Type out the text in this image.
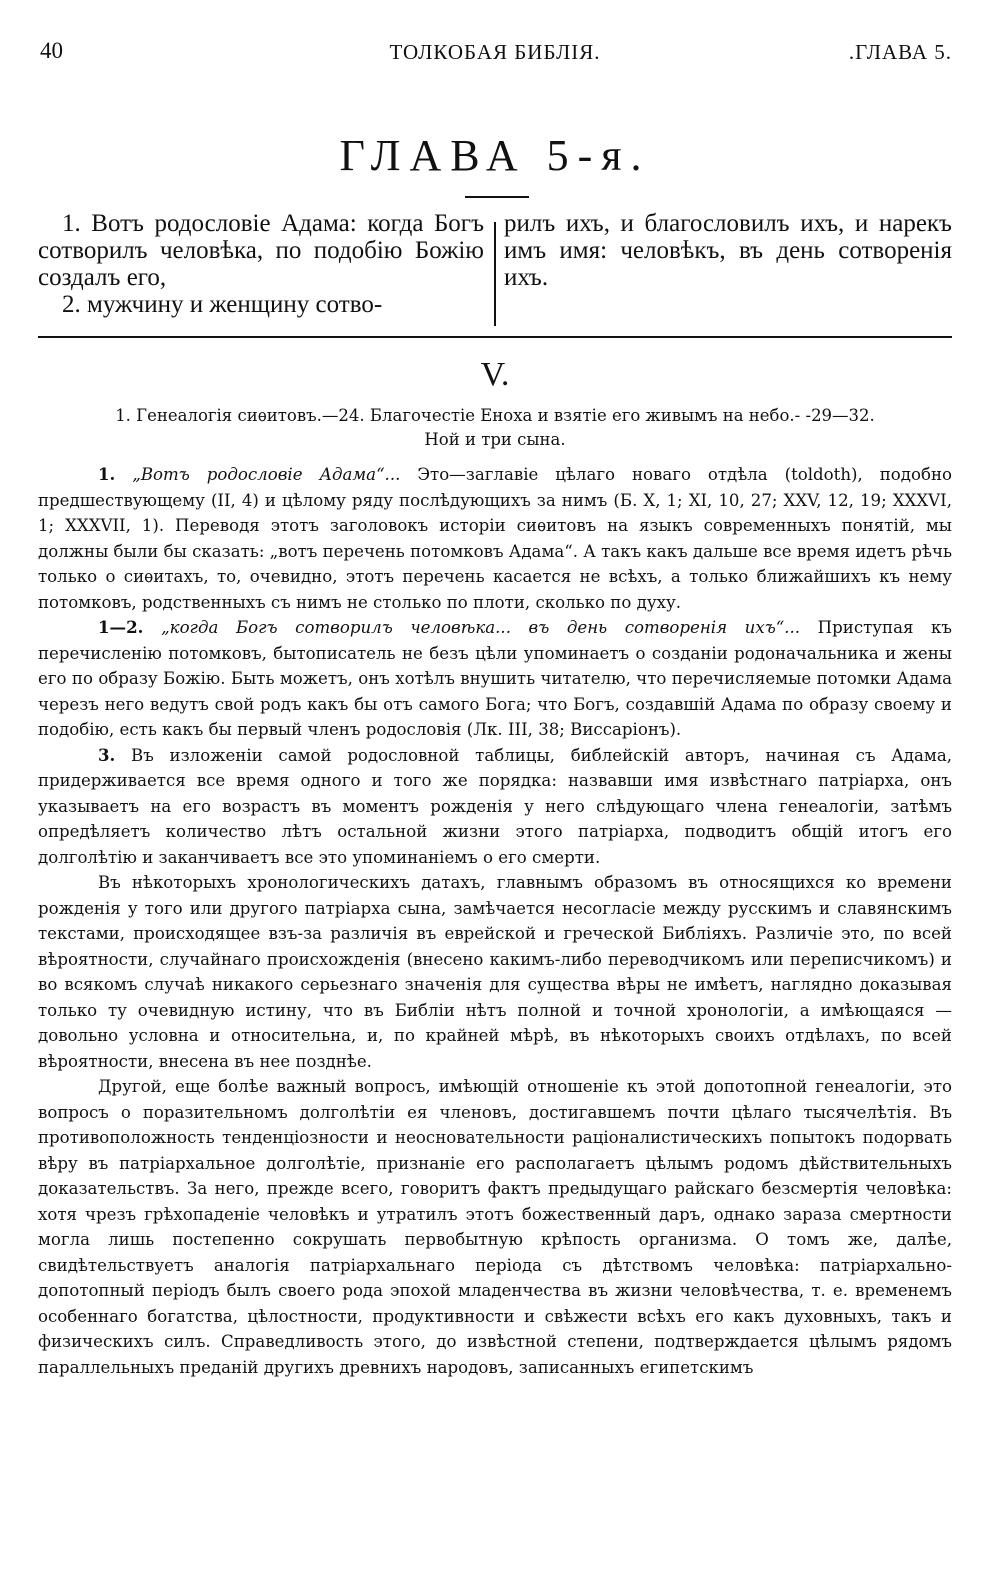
40	ТОЛКОБАЯ БИБЛІЯ.	.ГЛАВА 5.
ГЛАВА 5-я.

1. Вотъ родословіе Адама: когда Богъ сотворилъ человѣка, по подобію Божію создалъ его,

2. мужчину и женщину сотво-

рилъ ихъ, и благословилъ ихъ, и нарекъ имъ имя: человѣкъ, въ день сотворенія ихъ.

V.

1. Генеалогія сиѳитовъ.—24. Благочестіе Еноха и взятіе его живымъ на небо.- -29—32.

Ной и три сына.

1. „Вотъ родословіе Адама“... Это—заглавіе цѣлаго новаго отдѣла (toldoth), подобно предшествующему (II, 4) и цѣлому ряду послѣдующихъ за нимъ (Б. X, 1; XI, 10, 27; XXV, 12, 19; XXXVI, 1; XXXVII, 1). Переводя этотъ заголовокъ исторіи сиѳитовъ на языкъ современныхъ понятій, мы должны были бы сказать: „вотъ перечень потомковъ Адама“. А такъ какъ дальше все время идетъ рѣчь только о сиѳитахъ, то, очевидно, этотъ перечень касается не всѣхъ, а только ближайшихъ къ нему потомковъ, родственныхъ съ нимъ не столько по плоти, сколько по духу.

1—2. „когда Богъ сотворилъ человѣка... въ день сотворенія ихъ“... Приступая къ перечисленію потомковъ, бытописатель не безъ цѣли упоминаетъ о созданіи родоначальника и жены его по образу Божію. Быть можетъ, онъ хотѣлъ внушить читателю, что перечисляемые потомки Адама черезъ него ведутъ свой родъ какъ бы отъ самого Бога; что Богъ, создавшій Адама по образу своему и подобію, есть какъ бы первый членъ родословія (Лк. III, 38; Виссаріонъ).

3. Въ изложеніи самой родословной таблицы, библейскій авторъ, начиная съ Адама, придерживается все время одного и того же порядка: назвавши имя извѣстнаго патріарха, онъ указываетъ на его возрастъ въ моментъ рожденія у него слѣдующаго члена генеалогіи, затѣмъ опредѣляетъ количество лѣтъ остальной жизни этого патріарха, подводитъ общій итогъ его долголѣтію и заканчиваетъ все это упоминаніемъ о его смерти.

Въ нѣкоторыхъ хронологическихъ датахъ, главнымъ образомъ въ относящихся ко времени рожденія у того или другого патріарха сына, замѣчается несогласіе между русскимъ и славянскимъ текстами, происходящее взъ-за различія въ еврейской и греческой Библіяхъ. Различіе это, по всей вѣроятности, случайнаго происхожденія (внесено какимъ-либо переводчикомъ или переписчикомъ) и во всякомъ случаѣ никакого серьезнаго значенія для существа вѣры не имѣетъ, наглядно доказывая только ту очевидную истину, что въ Библіи нѣтъ полной и точной хронологіи, а имѣющаяся — довольно условна и относительна, и, по крайней мѣрѣ, въ нѣкоторыхъ своихъ отдѣлахъ, по всей вѣроятности, внесена въ нее позднѣе.

Другой, еще болѣе важный вопросъ, имѣющій отношеніе къ этой допотопной генеалогіи, это вопросъ о поразительномъ долголѣтіи ея членовъ, достигавшемъ почти цѣлаго тысячелѣтія. Въ противоположность тенденціозности и неосновательности раціоналистическихъ попытокъ подорвать вѣру въ патріархальное долголѣтіе, признаніе его располагаетъ цѣлымъ родомъ дѣйствительныхъ доказательствъ. За него, прежде всего, говоритъ фактъ предыдущаго райскаго безсмертія человѣка: хотя чрезъ грѣхопаденіе человѣкъ и утратилъ этотъ божественный даръ, однако зараза смертности могла лишь постепенно сокрушать первобытную крѣпость организма. О томъ же, далѣе, свидѣтельствуетъ аналогія патріархальнаго періода съ дѣтствомъ человѣка: патріархально-допотопный періодъ былъ своего рода эпохой младенчества въ жизни человѣчества, т. е. временемъ особеннаго богатства, цѣлостности, продуктивности и свѣжести всѣхъ его какъ духовныхъ, такъ и физическихъ силъ. Справедливость этого, до извѣстной степени, подтверждается цѣлымъ рядомъ параллельныхъ преданій другихъ древнихъ народовъ, записанныхъ египетскимъ
